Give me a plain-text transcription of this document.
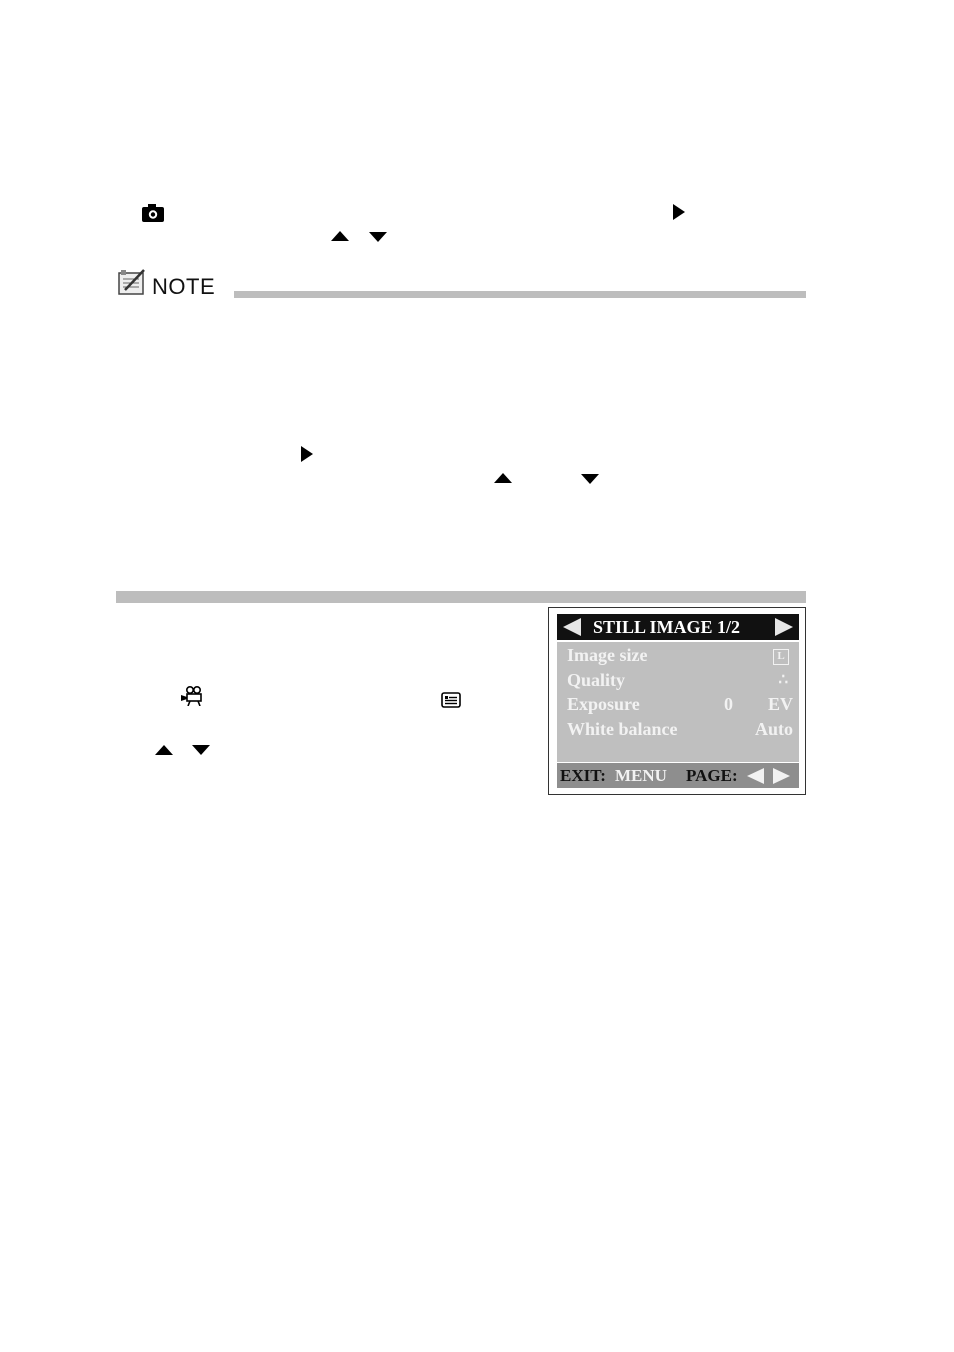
NOTE
STILL IMAGE 1/2
Image size	L
Quality	∴
Exposure	0 EV
White balance	Auto
EXIT: MENU PAGE:
